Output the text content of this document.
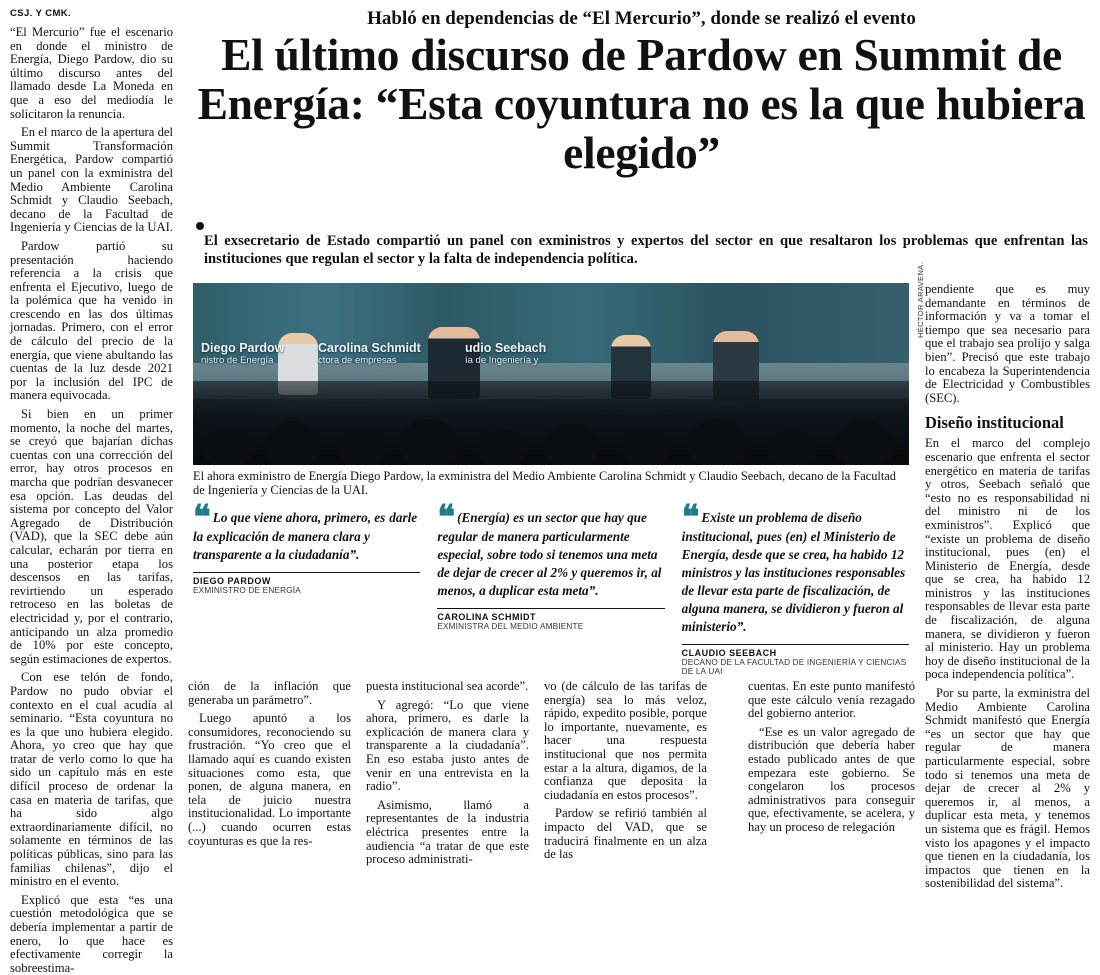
CSJ. Y CMK.

“El Mercurio” fue el escenario en donde el ministro de Energía, Diego Pardow, dio su último discurso antes del llamado desde La Moneda en que a eso del mediodía le solicitaron la renuncia.

En el marco de la apertura del Summit Transformación Energética, Pardow compartió un panel con la exministra del Medio Ambiente Carolina Schmidt y Claudio Seebach, decano de la Facultad de Ingeniería y Ciencias de la UAI.

Pardow partió su presentación haciendo referencia a la crisis que enfrenta el Ejecutivo, luego de la polémica que ha venido in crescendo en las dos últimas jornadas. Primero, con el error de cálculo del precio de la energía, que viene abultando las cuentas de la luz desde 2021 por la inclusión del IPC de manera equivocada.

Si bien en un primer momento, la noche del martes, se creyó que bajarían dichas cuentas con una corrección del error, hay otros procesos en marcha que podrían desvanecer esa opción. Las deudas del sistema por concepto del Valor Agregado de Distribución (VAD), que la SEC debe aún calcular, echarán por tierra en una posterior etapa los descensos en las tarifas, revirtiendo un esperado retroceso en las boletas de electricidad y, por el contrario, anticipando un alza promedio de 10% por este concepto, según estimaciones de expertos.

Con ese telón de fondo, Pardow no pudo obviar el contexto en el cual acudía al seminario. “Esta coyuntura no es la que uno hubiera elegido. Ahora, yo creo que hay que tratar de verlo como lo que ha sido un capítulo más en este difícil proceso de ordenar la casa en materia de tarifas, que ha sido algo extraordinariamente difícil, no solamente en términos de las políticas públicas, sino para las familias chilenas”, dijo el ministro en el evento.

Explicó que esta “es una cuestión metodológica que se debería implementar a partir de enero, lo que hace es efectivamente corregir la sobreestima-

Habló en dependencias de “El Mercurio”, donde se realizó el evento
El último discurso de Pardow en Summit de Energía: “Esta coyuntura no es la que hubiera elegido”
El exsecretario de Estado compartió un panel con exministros y expertos del sector en que resaltaron los problemas que enfrentan las instituciones que regulan el sector y la falta de independencia política.
Diego Pardow
nistro de Energía
Carolina Schmidt
ctora de empresas
udio Seebach
ía de Ingeniería y
HÉCTOR ARAVENA.
El ahora exministro de Energía Diego Pardow, la exministra del Medio Ambiente Carolina Schmidt y Claudio Seebach, decano de la Facultad de Ingeniería y Ciencias de la UAI.
❝ Lo que viene ahora, primero, es darle la explicación de manera clara y transparente a la ciudadanía”.
DIEGO PARDOW
EXMINISTRO DE ENERGÍA
❝ (Energía) es un sector que hay que regular de manera particularmente especial, sobre todo si tenemos una meta de dejar de crecer al 2% y queremos ir, al menos, a duplicar esta meta”.
CAROLINA SCHMIDT
EXMINISTRA DEL MEDIO AMBIENTE
❝ Existe un problema de diseño institucional, pues (en) el Ministerio de Energía, desde que se crea, ha habido 12 ministros y las instituciones responsables de llevar esta parte de fiscalización, de alguna manera, se dividieron y fueron al ministerio”.
CLAUDIO SEEBACH
DECANO DE LA FACULTAD DE INGENIERÍA Y CIENCIAS DE LA UAI

ción de la inflación que generaba un parámetro”.

Luego apuntó a los consumidores, reconociendo su frustración. “Yo creo que el llamado aquí es cuando existen situaciones como esta, que ponen, de alguna manera, en tela de juicio nuestra institucionalidad. Lo importante (...) cuando ocurren estas coyunturas es que la res-

puesta institucional sea acorde”.

Y agregó: “Lo que viene ahora, primero, es darle la explicación de manera clara y transparente a la ciudadanía”. En eso estaba justo antes de venir en una entrevista en la radio”.

Asimismo, llamó a representantes de la industria eléctrica presentes entre la audiencia “a tratar de que este proceso administrati-

vo (de cálculo de las tarifas de energía) sea lo más veloz, rápido, expedito posible, porque lo importante, nuevamente, es hacer una respuesta institucional que nos permita estar a la altura, digamos, de la confianza que deposita la ciudadanía en estos procesos”.

Pardow se refirió también al impacto del VAD, que se traducirá finalmente en un alza de las

cuentas. En este punto manifestó que este cálculo venía rezagado del gobierno anterior.

“Ese es un valor agregado de distribución que debería haber estado publicado antes de que empezara este gobierno. Se congelaron los procesos administrativos para conseguir que, efectivamente, se acelera, y hay un proceso de relegación

pendiente que es muy demandante en términos de información y va a tomar el tiempo que sea necesario para que el trabajo sea prolijo y salga bien”. Precisó que este trabajo lo encabeza la Superintendencia de Electricidad y Combustibles (SEC).

Diseño institucional

En el marco del complejo escenario que enfrenta el sector energético en materia de tarifas y otros, Seebach señaló que “esto no es responsabilidad ni del ministro ni de los exministros”. Explicó que “existe un problema de diseño institucional, pues (en) el Ministerio de Energía, desde que se crea, ha habido 12 ministros y las instituciones responsables de llevar esta parte de fiscalización, de alguna manera, se dividieron y fueron al ministerio. Hay un problema hoy de diseño institucional de la poca independencia política”.

Por su parte, la exministra del Medio Ambiente Carolina Schmidt manifestó que Energía “es un sector que hay que regular de manera particularmente especial, sobre todo si tenemos una meta de dejar de crecer al 2% y queremos ir, al menos, a duplicar esta meta, y tenemos un sistema que es frágil. Hemos visto los apagones y el impacto que tienen en la ciudadanía, los impactos que tienen en la sostenibilidad del sistema”.
